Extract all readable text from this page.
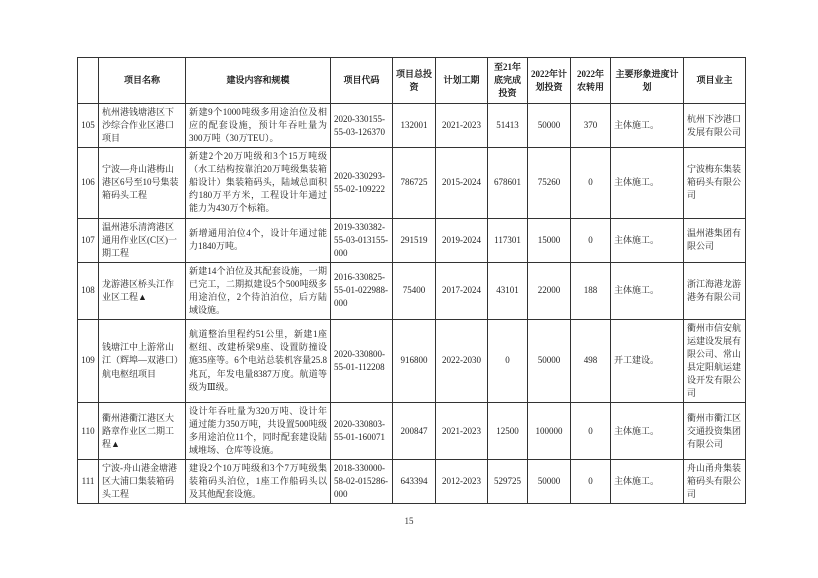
	项目名称	建设内容和规模	项目代码	项目总投资	计划工期	至21年底完成投资	2022年计划投资	2022年农转用	主要形象进度计划	项目业主
105	杭州港钱塘港区下沙综合作业区港口项目	新建9个1000吨级多用途泊位及相应的配套设施，预计年吞吐量为300万吨（30万TEU）。	2020-330155-55-03-126370	132001	2021-2023	51413	50000	370	主体施工。	杭州下沙港口发展有限公司
106	宁波—舟山港梅山港区6号至10号集装箱码头工程	新建2个20万吨级和3个15万吨级（水工结构按靠泊20万吨级集装箱船设计）集装箱码头，陆域总面积约180万平方米，工程设计年通过能力为430万个标箱。	2020-330293-55-02-109222	786725	2015-2024	678601	75260	0	主体施工。	宁波梅东集装箱码头有限公司
107	温州港乐清湾港区通用作业区(C区)一期工程	新增通用泊位4个，设计年通过能力1840万吨。	2019-330382-55-03-013155-000	291519	2019-2024	117301	15000	0	主体施工。	温州港集团有限公司
108	龙游港区桥头江作业区工程▲	新建14个泊位及其配套设施，一期已完工，二期拟建设5个500吨级多用途泊位，2个待泊泊位，后方陆域设施。	2016-330825-55-01-022988-000	75400	2017-2024	43101	22000	188	主体施工。	浙江海港龙游港务有限公司
109	钱塘江中上游常山江（辉埠—双港口）航电枢纽项目	航道整治里程约51公里，新建1座枢纽、改建桥梁9座、设置防撞设施35座等。6个电站总装机容量25.8兆瓦，年发电量8387万度。航道等级为Ⅲ级。	2020-330800-55-01-112208	916800	2022-2030	0	50000	498	开工建设。	衢州市信安航运建设发展有限公司、常山县定阳航运建设开发有限公司
110	衢州港衢江港区大路章作业区二期工程▲	设计年吞吐量为320万吨、设计年通过能力350万吨，共设置500吨级多用途泊位11个，同时配套建设陆域堆场、仓库等设施。	2020-330803-55-01-160071	200847	2021-2023	12500	100000	0	主体施工。	衢州市衢江区交通投资集团有限公司
111	宁波-舟山港金塘港区大浦口集装箱码头工程	建设2个10万吨级和3个7万吨级集装箱码头泊位，1座工作船码头以及其他配套设施。	2018-330000-58-02-015286-000	643394	2012-2023	529725	50000	0	主体施工。	舟山甬舟集装箱码头有限公司
15
